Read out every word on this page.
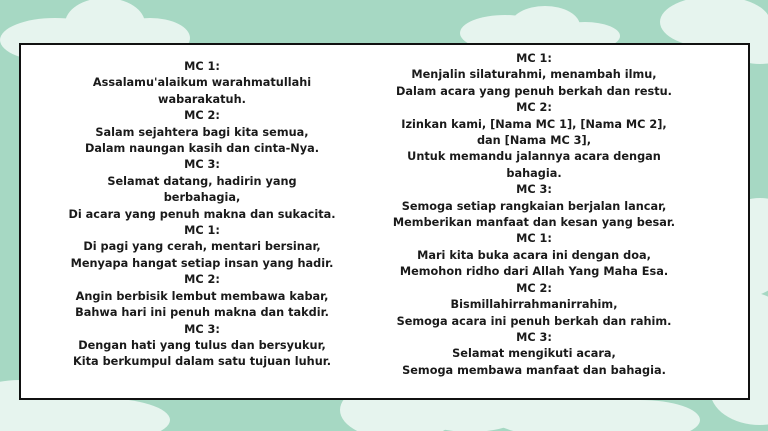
MC 1:
Assalamu'alaikum warahmatullahi
wabarakatuh.
MC 2:
Salam sejahtera bagi kita semua,
Dalam naungan kasih dan cinta-Nya.
MC 3:
Selamat datang, hadirin yang
berbahagia,
Di acara yang penuh makna dan sukacita.
MC 1:
Di pagi yang cerah, mentari bersinar,
Menyapa hangat setiap insan yang hadir.
MC 2:
Angin berbisik lembut membawa kabar,
Bahwa hari ini penuh makna dan takdir.
MC 3:
Dengan hati yang tulus dan bersyukur,
Kita berkumpul dalam satu tujuan luhur.
MC 1:
Menjalin silaturahmi, menambah ilmu,
Dalam acara yang penuh berkah dan restu.
MC 2:
Izinkan kami, [Nama MC 1], [Nama MC 2],
dan [Nama MC 3],
Untuk memandu jalannya acara dengan
bahagia.
MC 3:
Semoga setiap rangkaian berjalan lancar,
Memberikan manfaat dan kesan yang besar.
MC 1:
Mari kita buka acara ini dengan doa,
Memohon ridho dari Allah Yang Maha Esa.
MC 2:
Bismillahirrahmanirrahim,
Semoga acara ini penuh berkah dan rahim.
MC 3:
Selamat mengikuti acara,
Semoga membawa manfaat dan bahagia.
